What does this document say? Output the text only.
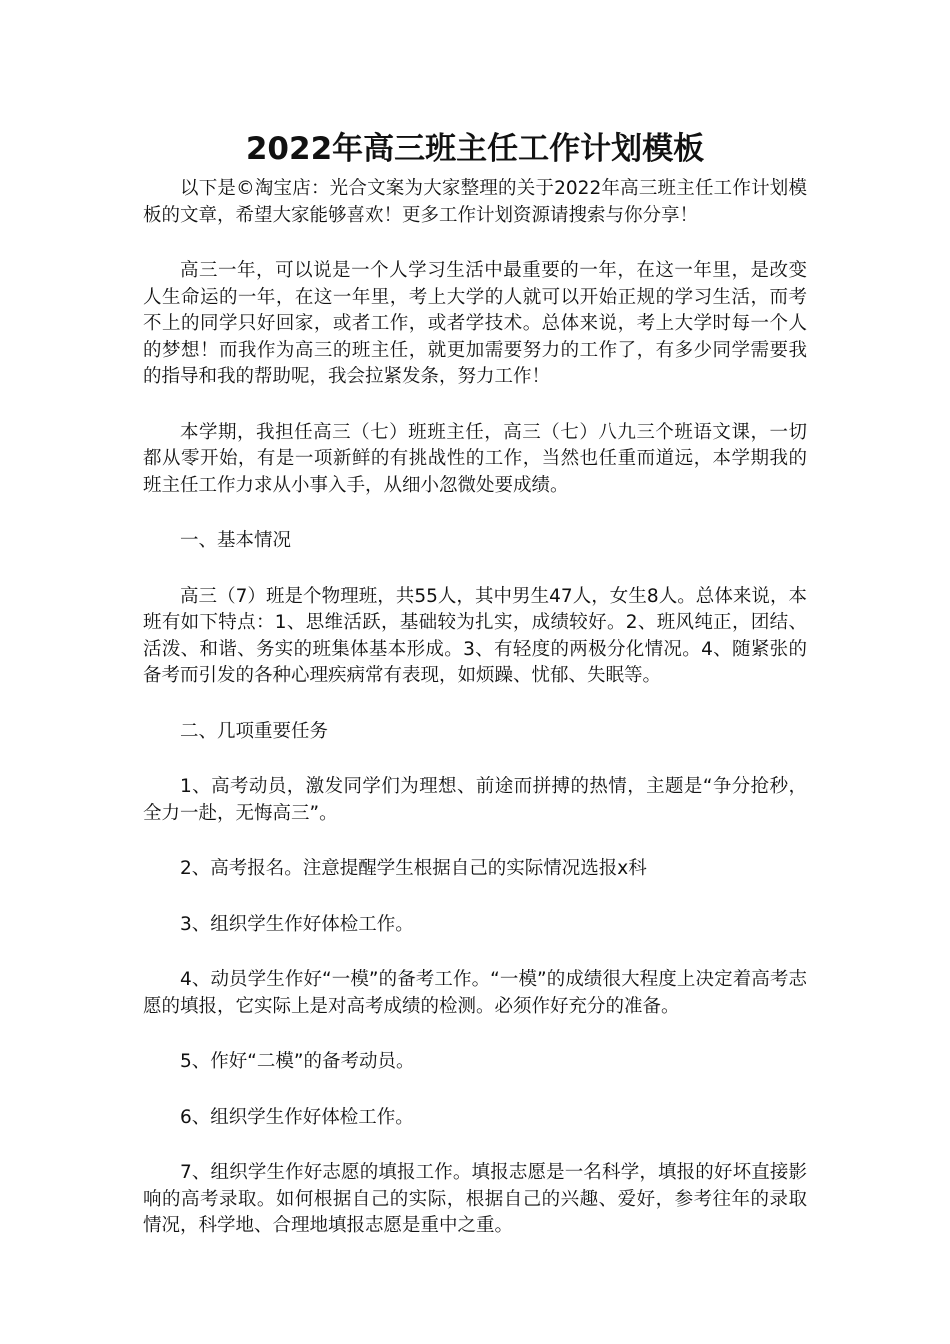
2022年高三班主任工作计划模板

以下是©淘宝店：光合文案为大家整理的关于2022年高三班主任工作计划模板的文章，希望大家能够喜欢！更多工作计划资源请搜索与你分享！

高三一年，可以说是一个人学习生活中最重要的一年，在这一年里，是改变人生命运的一年，在这一年里，考上大学的人就可以开始正规的学习生活，而考不上的同学只好回家，或者工作，或者学技术。总体来说，考上大学时每一个人的梦想！而我作为高三的班主任，就更加需要努力的工作了，有多少同学需要我的指导和我的帮助呢，我会拉紧发条，努力工作！

本学期，我担任高三（七）班班主任，高三（七）八九三个班语文课，一切都从零开始，有是一项新鲜的有挑战性的工作，当然也任重而道远，本学期我的班主任工作力求从小事入手，从细小忽微处要成绩。

一、基本情况

高三（7）班是个物理班，共55人，其中男生47人，女生8人。总体来说，本班有如下特点：1、思维活跃，基础较为扎实，成绩较好。2、班风纯正，团结、活泼、和谐、务实的班集体基本形成。3、有轻度的两极分化情况。4、随紧张的备考而引发的各种心理疾病常有表现，如烦躁、忧郁、失眠等。

二、几项重要任务

1、高考动员，激发同学们为理想、前途而拼搏的热情，主题是“争分抢秒，全力一赴，无悔高三”。

2、高考报名。注意提醒学生根据自己的实际情况选报x科

3、组织学生作好体检工作。

4、动员学生作好“一模”的备考工作。“一模”的成绩很大程度上决定着高考志愿的填报，它实际上是对高考成绩的检测。必须作好充分的准备。

5、作好“二模”的备考动员。

6、组织学生作好体检工作。

7、组织学生作好志愿的填报工作。填报志愿是一名科学，填报的好坏直接影响的高考录取。如何根据自己的实际，根据自己的兴趣、爱好，参考往年的录取情况，科学地、合理地填报志愿是重中之重。
